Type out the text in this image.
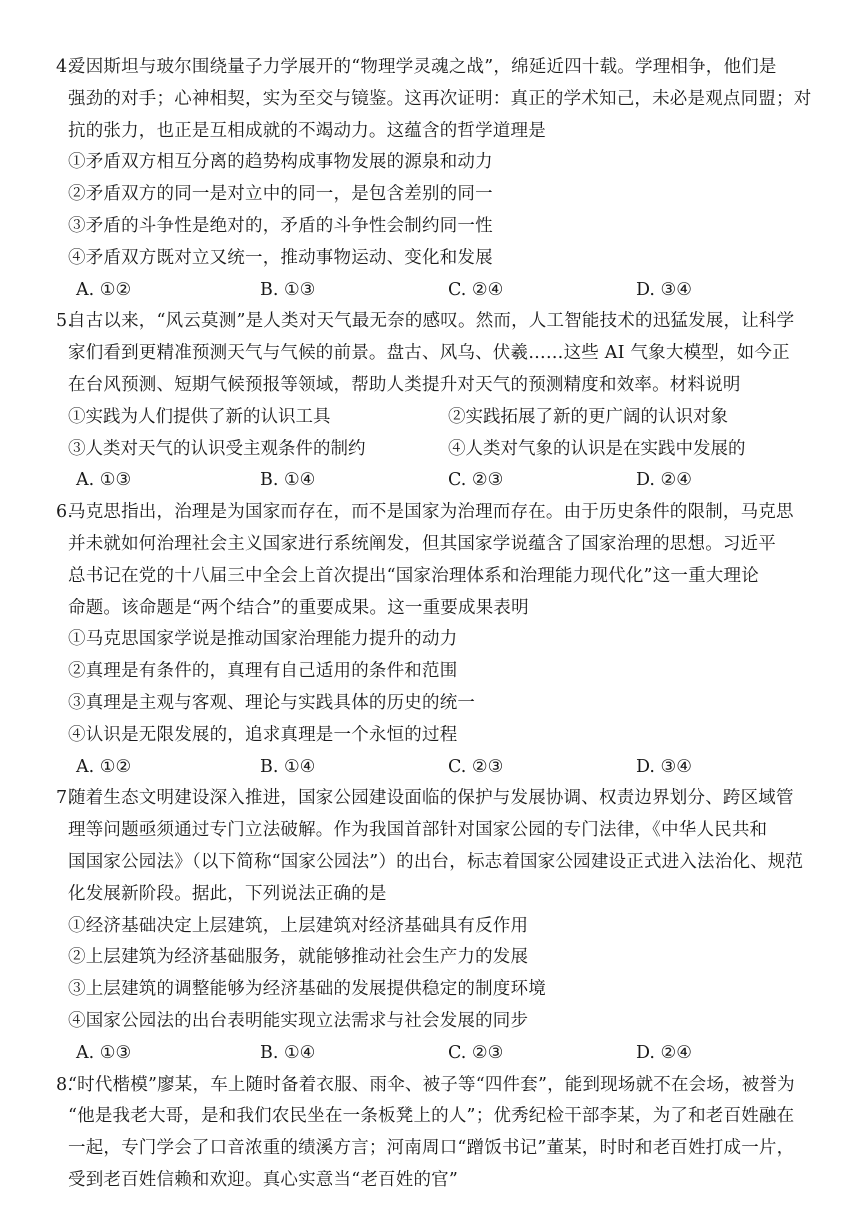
4.爱因斯坦与玻尔围绕量子力学展开的“物理学灵魂之战”，绵延近四十载。学理相争，他们是
强劲的对手；心神相契，实为至交与镜鉴。这再次证明：真正的学术知己，未必是观点同盟；对
抗的张力，也正是互相成就的不竭动力。这蕴含的哲学道理是
①矛盾双方相互分离的趋势构成事物发展的源泉和动力
②矛盾双方的同一是对立中的同一，是包含差别的同一
③矛盾的斗争性是绝对的，矛盾的斗争性会制约同一性
④矛盾双方既对立又统一，推动事物运动、变化和发展
A. ①②	B. ①③	C. ②④	D. ③④
5.自古以来，“风云莫测”是人类对天气最无奈的感叹。然而，人工智能技术的迅猛发展，让科学
家们看到更精准预测天气与气候的前景。盘古、风乌、伏羲……这些 AI 气象大模型，如今正
在台风预测、短期气候预报等领域，帮助人类提升对天气的预测精度和效率。材料说明
①实践为人们提供了新的认识工具	②实践拓展了新的更广阔的认识对象
③人类对天气的认识受主观条件的制约	④人类对气象的认识是在实践中发展的
A. ①③	B. ①④	C. ②③	D. ②④
6.马克思指出，治理是为国家而存在，而不是国家为治理而存在。由于历史条件的限制，马克思
并未就如何治理社会主义国家进行系统阐发，但其国家学说蕴含了国家治理的思想。习近平
总书记在党的十八届三中全会上首次提出“国家治理体系和治理能力现代化”这一重大理论
命题。该命题是“两个结合”的重要成果。这一重要成果表明
①马克思国家学说是推动国家治理能力提升的动力
②真理是有条件的，真理有自己适用的条件和范围
③真理是主观与客观、理论与实践具体的历史的统一
④认识是无限发展的，追求真理是一个永恒的过程
A. ①②	B. ①④	C. ②③	D. ③④
7.随着生态文明建设深入推进，国家公园建设面临的保护与发展协调、权责边界划分、跨区域管
理等问题亟须通过专门立法破解。作为我国首部针对国家公园的专门法律，《中华人民共和
国国家公园法》（以下简称“国家公园法”）的出台，标志着国家公园建设正式进入法治化、规范
化发展新阶段。据此，下列说法正确的是
①经济基础决定上层建筑，上层建筑对经济基础具有反作用
②上层建筑为经济基础服务，就能够推动社会生产力的发展
③上层建筑的调整能够为经济基础的发展提供稳定的制度环境
④国家公园法的出台表明能实现立法需求与社会发展的同步
A. ①③	B. ①④	C. ②③	D. ②④
8.“时代楷模”廖某，车上随时备着衣服、雨伞、被子等“四件套”，能到现场就不在会场，被誉为
“他是我老大哥，是和我们农民坐在一条板凳上的人”；优秀纪检干部李某，为了和老百姓融在
一起，专门学会了口音浓重的绩溪方言；河南周口“蹭饭书记”董某，时时和老百姓打成一片，
受到老百姓信赖和欢迎。真心实意当“老百姓的官”
